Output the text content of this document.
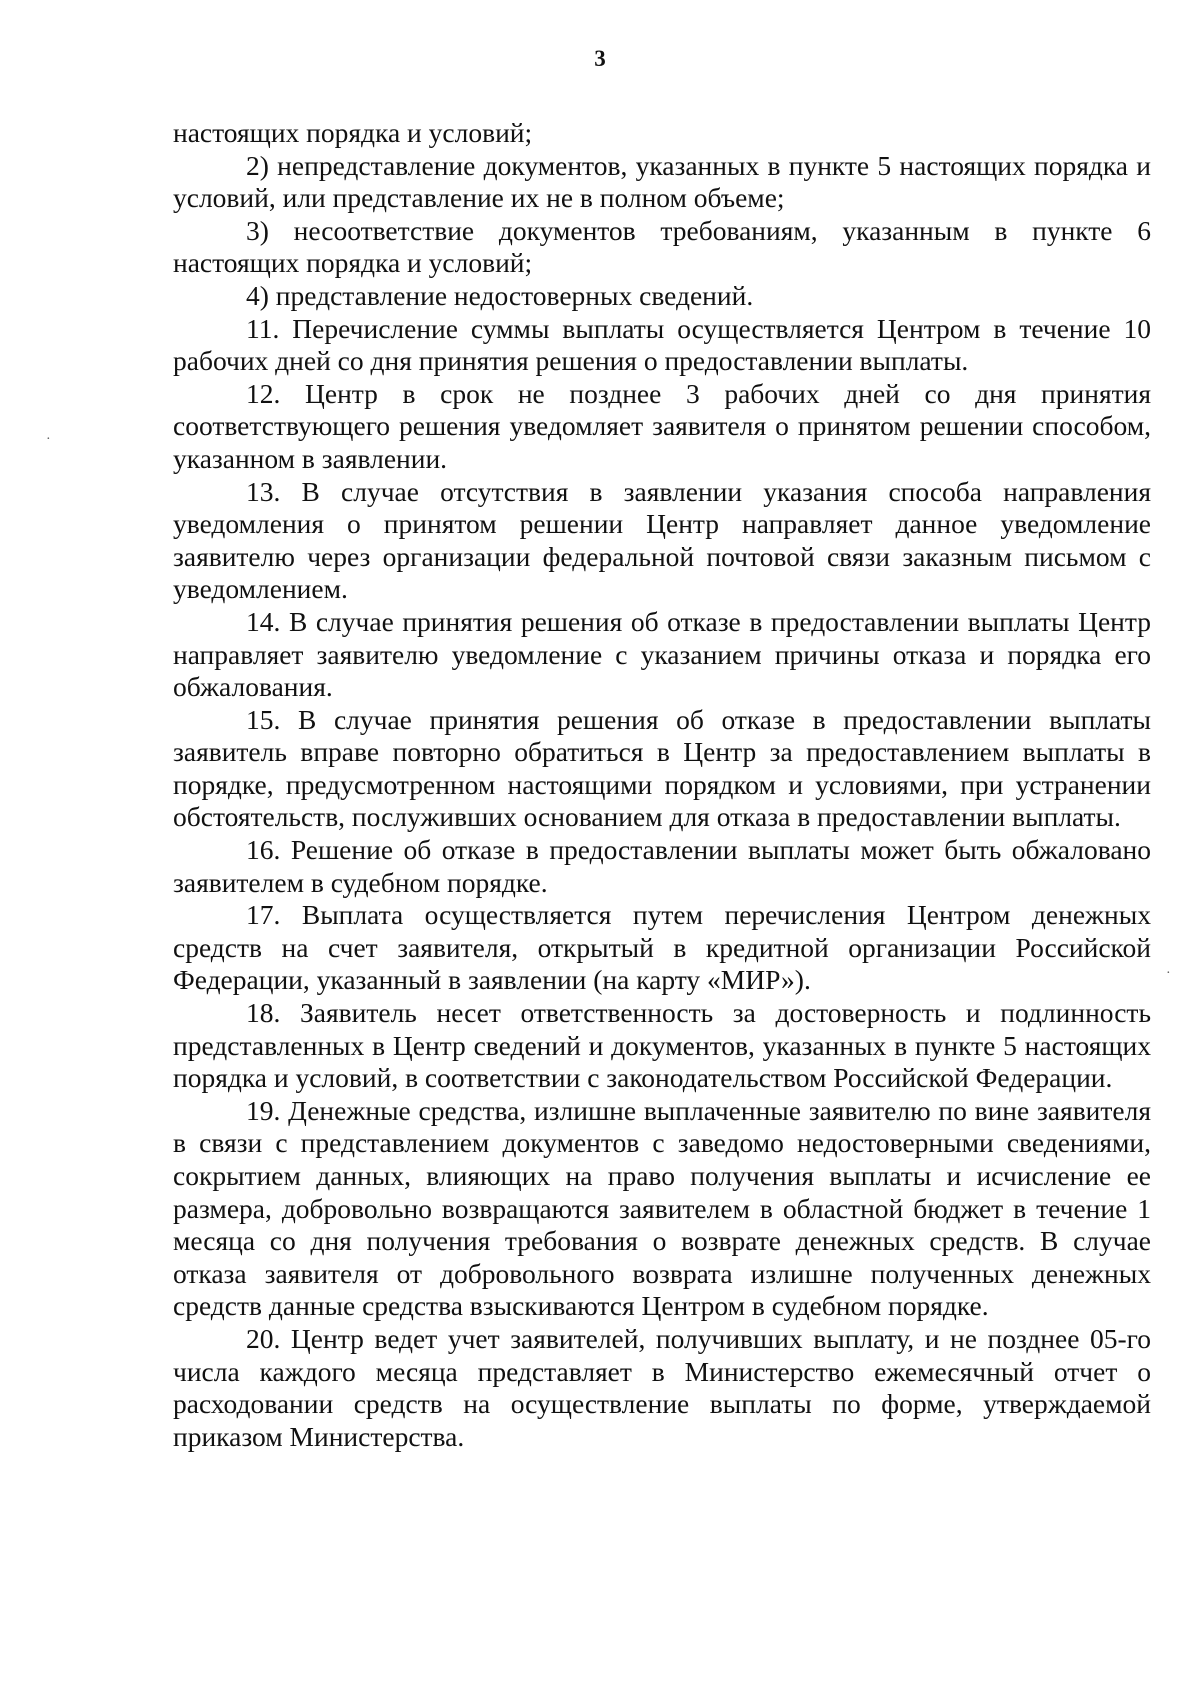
3
·
·

настоящих порядка и условий;

2) непредставление документов, указанных в пункте 5 настоящих порядка и условий, или представление их не в полном объеме;

3) несоответствие документов требованиям, указанным в пункте 6 настоящих порядка и условий;

4) представление недостоверных сведений.

11. Перечисление суммы выплаты осуществляется Центром в течение 10 рабочих дней со дня принятия решения о предоставлении выплаты.

12. Центр в срок не позднее 3 рабочих дней со дня принятия соответствующего решения уведомляет заявителя о принятом решении способом, указанном в заявлении.

13. В случае отсутствия в заявлении указания способа направления уведомления о принятом решении Центр направляет данное уведомление заявителю через организации федеральной почтовой связи заказным письмом с уведомлением.

14. В случае принятия решения об отказе в предоставлении выплаты Центр направляет заявителю уведомление с указанием причины отказа и порядка его обжалования.

15. В случае принятия решения об отказе в предоставлении выплаты заявитель вправе повторно обратиться в Центр за предоставлением выплаты в порядке, предусмотренном настоящими порядком и условиями, при устранении обстоятельств, послуживших основанием для отказа в предоставлении выплаты.

16. Решение об отказе в предоставлении выплаты может быть обжаловано заявителем в судебном порядке.

17. Выплата осуществляется путем перечисления Центром денежных средств на счет заявителя, открытый в кредитной организации Российской Федерации, указанный в заявлении (на карту «МИР»).

18. Заявитель несет ответственность за достоверность и подлинность представленных в Центр сведений и документов, указанных в пункте 5 настоящих порядка и условий, в соответствии с законодательством Российской Федерации.

19. Денежные средства, излишне выплаченные заявителю по вине заявителя в связи с представлением документов с заведомо недостоверными сведениями, сокрытием данных, влияющих на право получения выплаты и исчисление ее размера, добровольно возвращаются заявителем в областной бюджет в течение 1 месяца со дня получения требования о возврате денежных средств. В случае отказа заявителя от добровольного возврата излишне полученных денежных средств данные средства взыскиваются Центром в судебном порядке.

20. Центр ведет учет заявителей, получивших выплату, и не позднее 05-го числа каждого месяца представляет в Министерство ежемесячный отчет о расходовании средств на осуществление выплаты по форме, утверждаемой приказом Министерства.
